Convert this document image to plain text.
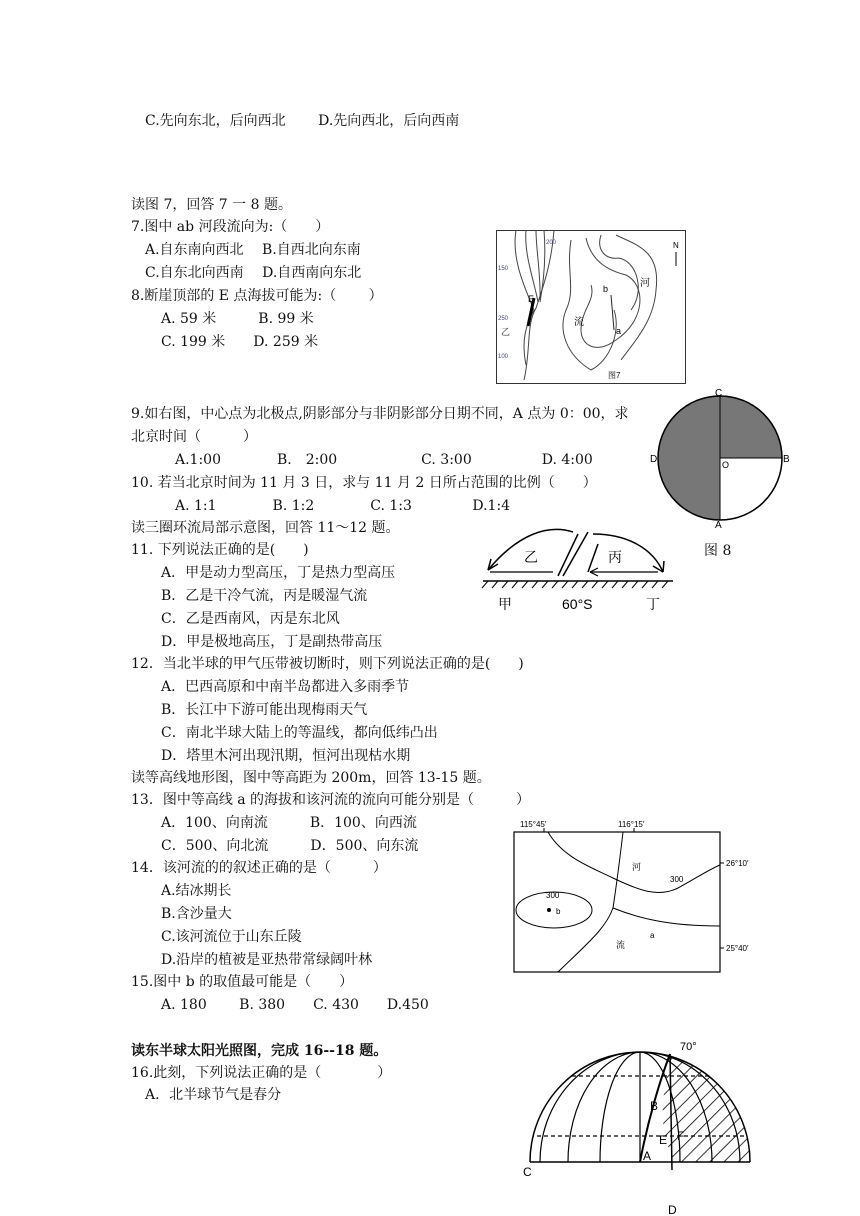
C.先向东北，后向西北　　 D.先向西北，后向西南
读图 7，回答 7 一 8 题。
7.图中 ab 河段流向为:（　　）
A.自东南向西北　 B.自西北向东南
C.自东北向西南　 D.自西南向东北
8.断崖顶部的 E 点海拔可能为:（　　 ）
A. 59 米　　　B. 99 米
C. 199 米　　D. 259 米
9.如右图，中心点为北极点,阴影部分与非阴影部分日期不同，A 点为 0：00，求
北京时间（　　　）
A.1:00　　　　B.　2:00　　　　　　C. 3:00　　　　　D. 4:00
10. 若当北京时间为 11 月 3 日，求与 11 月 2 日所占范围的比例（　　）
A. 1:1　　　　B. 1:2　　　　C. 1:3　　　　 D.1:4
读三圈环流局部示意图，回答 11～12 题。
11. 下列说法正确的是(　　)
A．甲是动力型高压，丁是热力型高压
B．乙是干冷气流，丙是暖湿气流
C．乙是西南风，丙是东北风
D．甲是极地高压，丁是副热带高压
12．当北半球的甲气压带被切断时，则下列说法正确的是(　　)
A．巴西高原和中南半岛都进入多雨季节
B．长江中下游可能出现梅雨天气
C．南北半球大陆上的等温线，都向低纬凸出
D．塔里木河出现汛期，恒河出现枯水期
读等高线地形图，图中等高距为 200m，回答 13-15 题。
13．图中等高线 a 的海拔和该河流的流向可能分别是（　　　）
A．100、向南流　　　B．100、向西流
C．500、向北流　　　D．500、向东流
14．该河流的的叙述正确的是（　　　）
A.结冰期长
B.含沙量大
C.该河流位于山东丘陵
D.沿岸的植被是亚热带常绿阔叶林
15.图中 b 的取值最可能是（　　）
A. 180　　 B. 380　　C. 430　　D.450
读东半球太阳光照图，完成 16--18 题。
16.此刻，下列说法正确的是（　　　　）
A．北半球节气是春分
乙
E
b
a
流
河
N
200
150
100
250
图7
C
D	B
A
O
图 8
乙	丙
甲	60°S	丁
115°45′	116°15′
26°10′
25°40′
b
300
300
河
流
a
70°
B
E F
A
C
D
